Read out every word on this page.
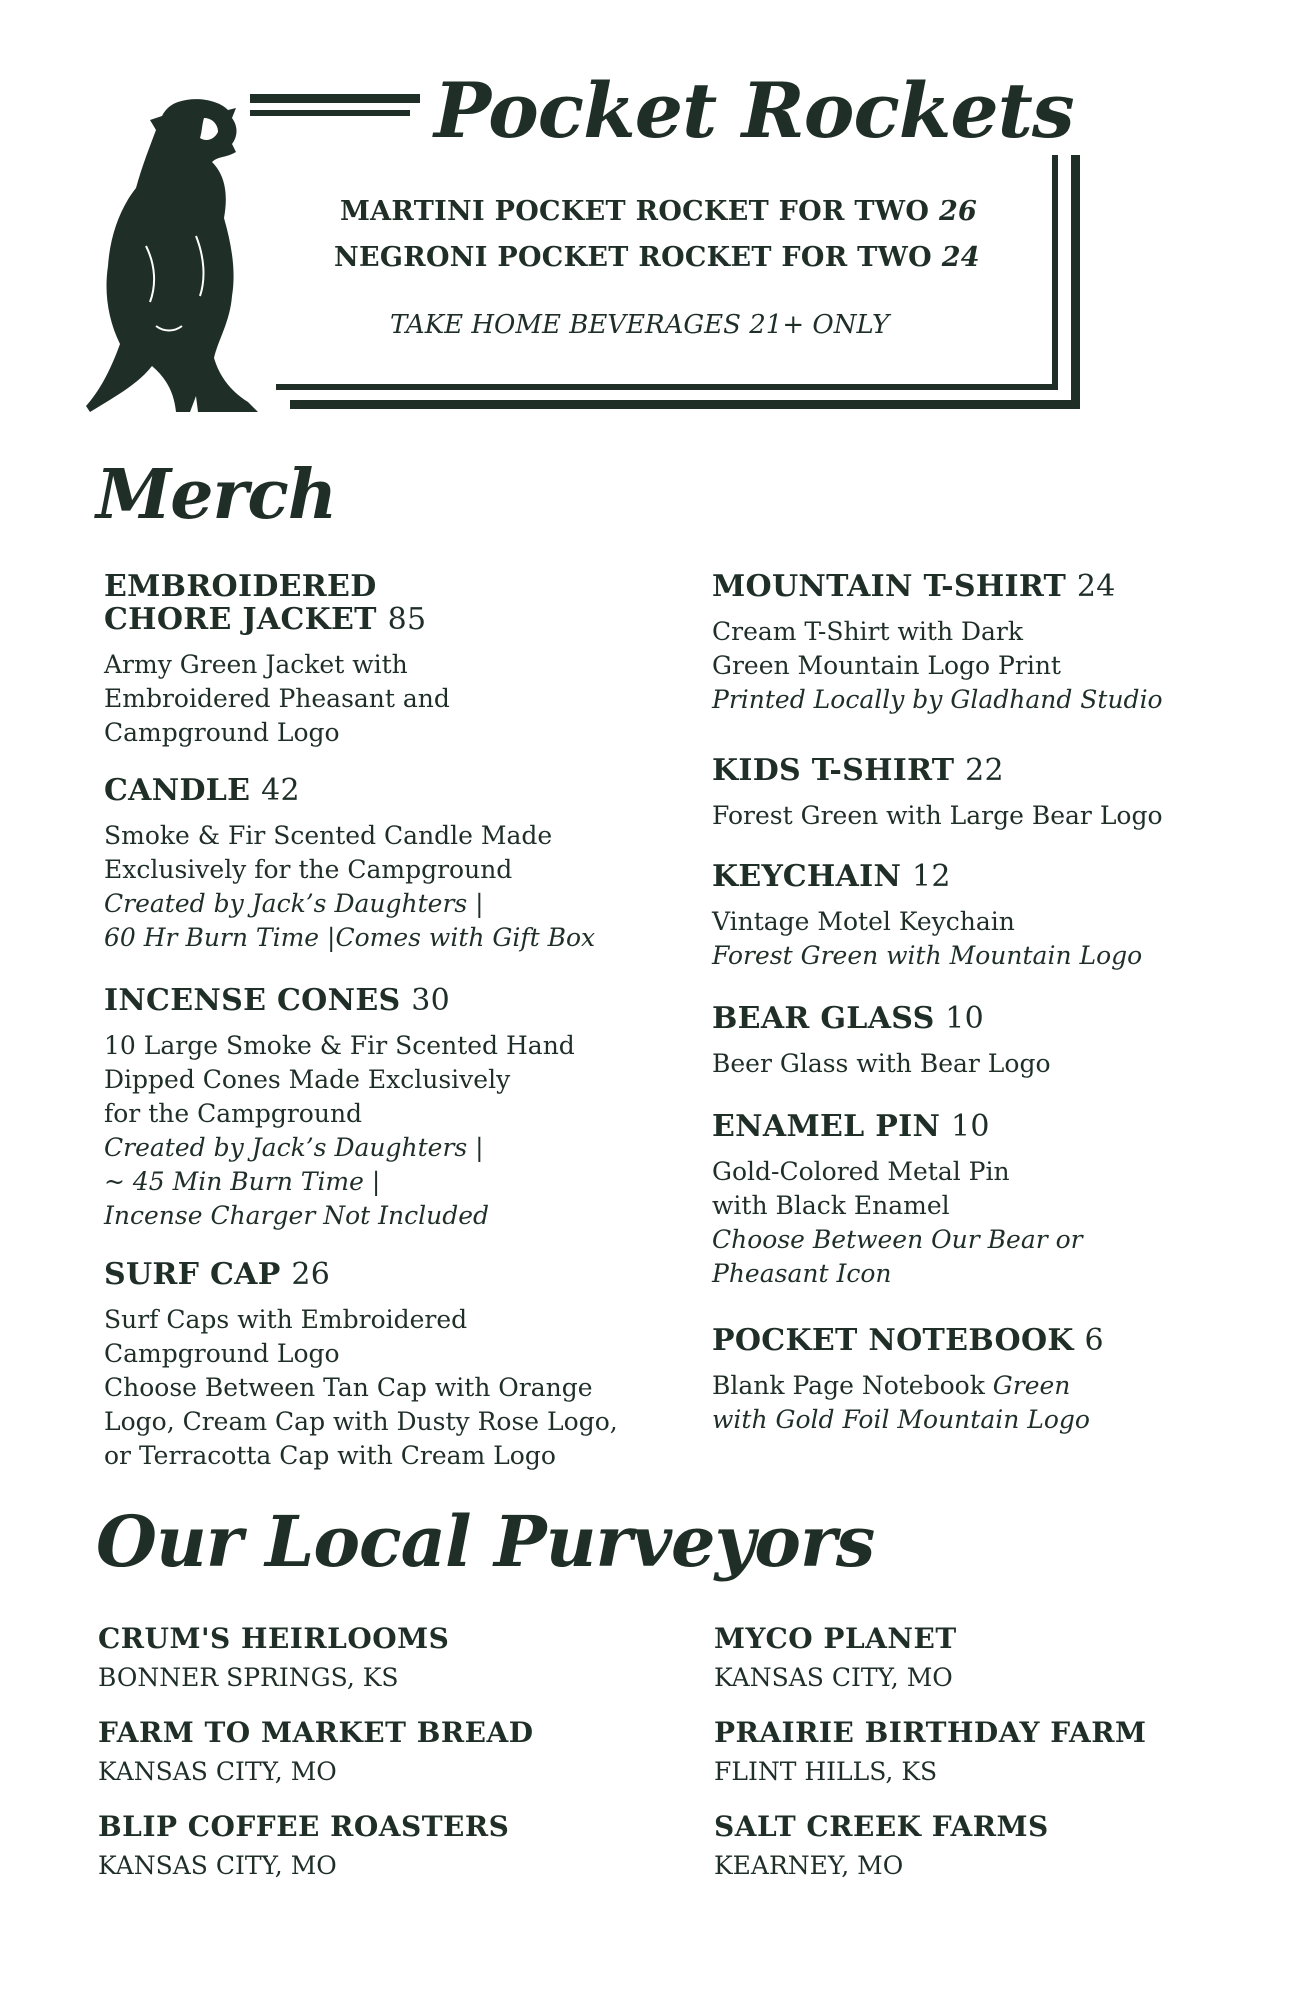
Pocket Rockets
MARTINI POCKET ROCKET FOR TWO 26
NEGRONI POCKET ROCKET FOR TWO 24
TAKE HOME BEVERAGES 21+ ONLY
Merch
EMBROIDERED
CHORE JACKET 85
Army Green Jacket with
Embroidered Pheasant and
Campground Logo
CANDLE 42
Smoke & Fir Scented Candle Made
Exclusively for the Campground
Created by Jack’s Daughters |
60 Hr Burn Time |Comes with Gift Box
INCENSE CONES 30
10 Large Smoke & Fir Scented Hand
Dipped Cones Made Exclusively
for the Campground
Created by Jack’s Daughters |
~ 45 Min Burn Time |
Incense Charger Not Included
SURF CAP 26
Surf Caps with Embroidered
Campground Logo
Choose Between Tan Cap with Orange
Logo, Cream Cap with Dusty Rose Logo,
or Terracotta Cap with Cream Logo
MOUNTAIN T-SHIRT 24
Cream T-Shirt with Dark
Green Mountain Logo Print
Printed Locally by Gladhand Studio
KIDS T-SHIRT 22
Forest Green with Large Bear Logo
KEYCHAIN 12
Vintage Motel Keychain
Forest Green with Mountain Logo
BEAR GLASS 10
Beer Glass with Bear Logo
ENAMEL PIN 10
Gold-Colored Metal Pin
with Black Enamel
Choose Between Our Bear or
Pheasant Icon
POCKET NOTEBOOK 6
Blank Page Notebook Green
with Gold Foil Mountain Logo
Our Local Purveyors
CRUM'S HEIRLOOMS
BONNER SPRINGS, KS
FARM TO MARKET BREAD
KANSAS CITY, MO
BLIP COFFEE ROASTERS
KANSAS CITY, MO
MYCO PLANET
KANSAS CITY, MO
PRAIRIE BIRTHDAY FARM
FLINT HILLS, KS
SALT CREEK FARMS
KEARNEY, MO
